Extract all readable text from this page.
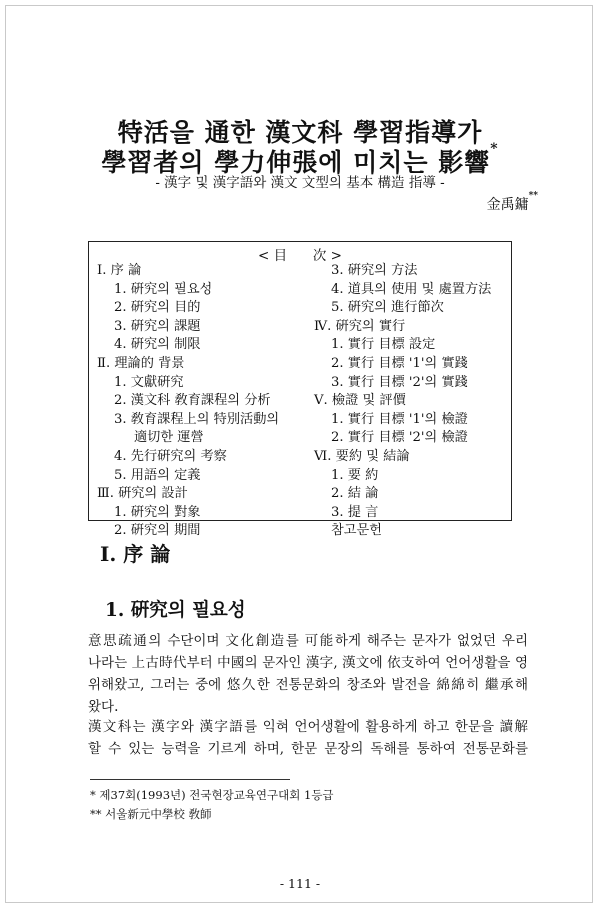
特活을 通한 漢文科 學習指導가
學習者의 學力伸張에 미치는 影響*
- 漢字 및 漢字語와 漢文 文型의 基本 構造 指導 -
金禹鏞**
< 目      次 >
Ⅰ. 序 論
1. 硏究의 필요성
2. 硏究의 目的
3. 硏究의 課題
4. 硏究의 制限
Ⅱ. 理論的 背景
1. 文獻硏究
2. 漢文科 敎育課程의 分析
3. 敎育課程上의 特別活動의
適切한 運營
4. 先行硏究의 考察
5. 用語의 定義
Ⅲ. 硏究의 設計
1. 硏究의 對象
2. 硏究의 期間
3. 硏究의 方法
4. 道具의 使用 및 處置方法
5. 硏究의 進行節次
Ⅳ. 硏究의 實行
1. 實行 目標 設定
2. 實行 目標 '1'의 實踐
3. 實行 目標 '2'의 實踐
Ⅴ. 檢證 및 評價
1. 實行 目標 '1'의 檢證
2. 實行 目標 '2'의 檢證
Ⅵ. 要約 및 結論
1. 要 約
2. 結 論
3. 提 言
참고문헌
Ⅰ. 序 論
1. 硏究의 필요성
意思疏通의 수단이며 文化創造를 可能하게 해주는 문자가 없었던 우리
나라는 上古時代부터 中國의 문자인 漢字, 漢文에 依支하여 언어생활을 영
위해왔고, 그러는 중에 悠久한 전통문화의 창조와 발전을 綿綿히 繼承해
왔다.
漢文科는 漢字와 漢字語를 익혀 언어생활에 활용하게 하고 한문을 讀解
할 수 있는 능력을 기르게 하며, 한문 문장의 독해를 통하여 전통문화를
* 제37회(1993년) 전국현장교육연구대회 1등급
** 서울新元中學校 敎師
- 111 -
